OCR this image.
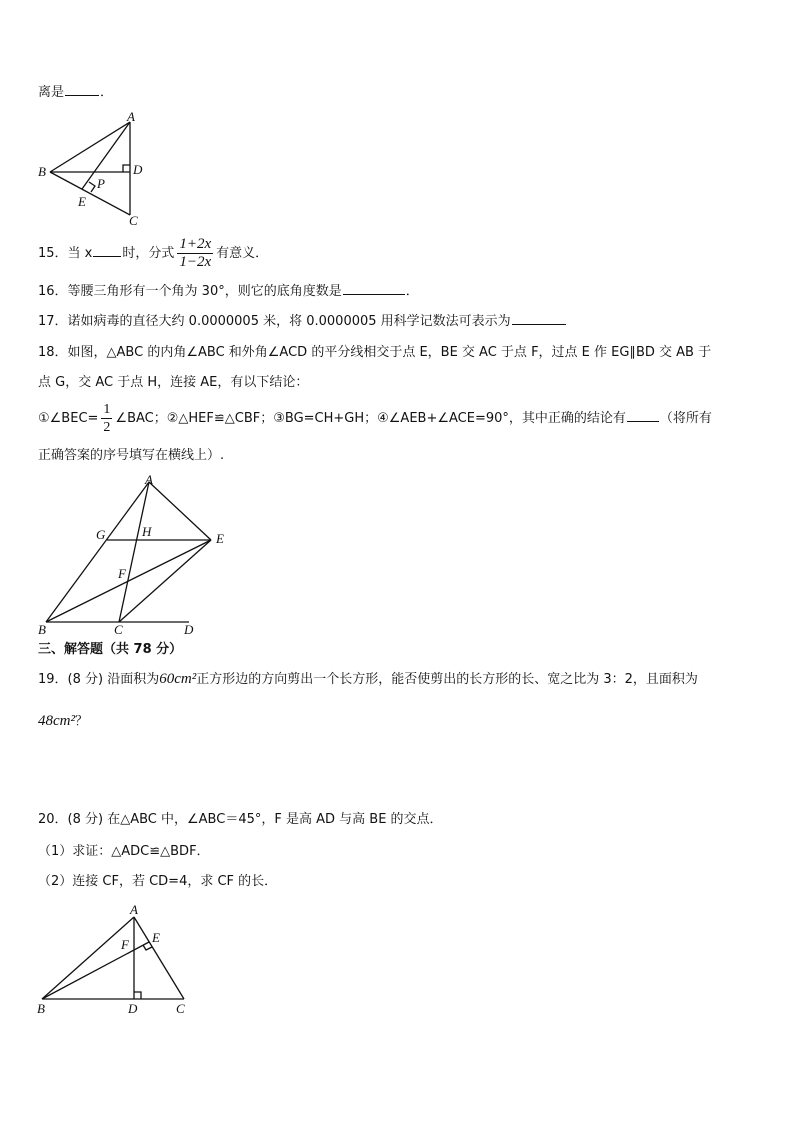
离是	．
A
B
C
D
E
P
15．当 x 时，分式 $\frac{1+2x}{1-2x}$ 有意义．
16．等腰三角形有一个角为 30°，则它的底角度数是	．
17．诺如病毒的直径大约 0.0000005 米，将 0.0000005 用科学记数法可表示为
18．如图，△ABC 的内角∠ABC 和外角∠ACD 的平分线相交于点 E，BE 交 AC 于点 F，过点 E 作 EG∥BD 交 AB 于
点 G，交 AC 于点 H，连接 AE，有以下结论：
①∠BEC= $\frac{1}{2}$ ∠BAC；②△HEF≌△CBF；③BG=CH+GH；④∠AEB+∠ACE=90°，其中正确的结论有	（将所有
正确答案的序号填写在横线上）.
A
B	C	D
E
F
G	H
三、解答题（共 78 分）
19．(8 分) 沿面积为60cm²正方形边的方向剪出一个长方形，能否使剪出的长方形的长、宽之比为 3：2，且面积为
48cm²？
20．(8 分) 在△ABC 中，∠ABC＝45°，F 是高 AD 与高 BE 的交点．
（1）求证：△ADC≌△BDF．
（2）连接 CF，若 CD=4，求 CF 的长．
A
B	C
D
E
F
